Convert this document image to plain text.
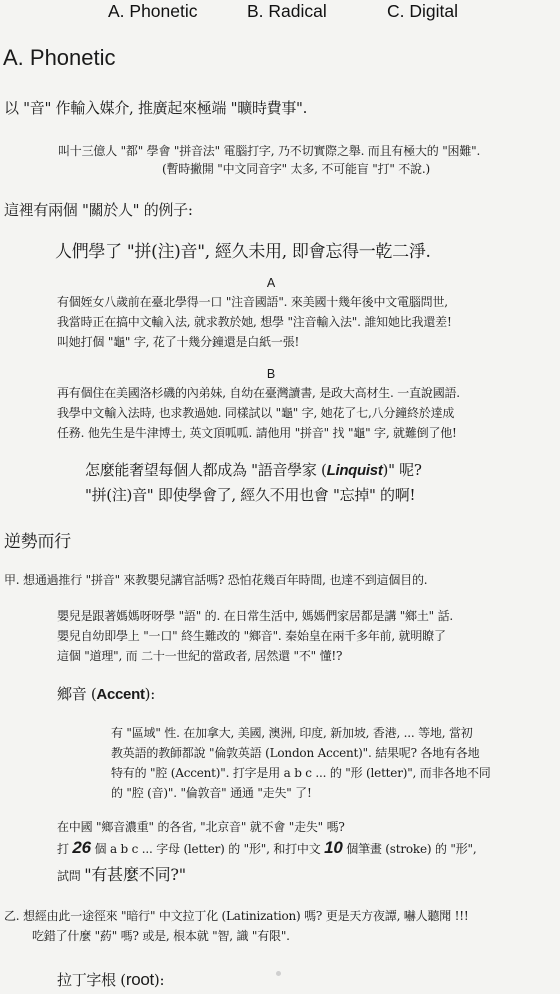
A. Phonetic	B. Radical	C. Digital
A. Phonetic

以 "音" 作輸入媒介, 推廣起來極端 "曠時費事".

叫十三億人 "都" 學會 "拼音法" 電腦打字, 乃不切實際之舉. 而且有極大的 "困難".

(暫時撇開 "中文同音字" 太多, 不可能盲 "打" 不說.)

這裡有兩個 "關於人" 的例子:

人們學了 "拼(注)音", 經久未用, 即會忘得一乾二淨.

A

有個姪女八歲前在臺北學得一口 "注音國語". 來美國十幾年後中文電腦問世,

我當時正在搞中文輸入法, 就求教於她, 想學 "注音輸入法". 誰知她比我還差!

叫她打個 "龜" 字, 花了十幾分鐘還是白紙一張!

B

再有個住在美國洛杉磯的內弟妹, 自幼在臺灣讀書, 是政大高材生. 一直說國語.

我學中文輸入法時, 也求教過她. 同樣試以 "龜" 字, 她花了七,八分鐘終於達成

任務. 他先生是牛津博士, 英文頂呱呱. 請他用 "拼音" 找 "龜" 字, 就難倒了他!

怎麼能奢望每個人都成為 "語音學家 (Linquist)" 呢?

"拼(注)音" 即使學會了, 經久不用也會 "忘掉" 的啊!

逆勢而行

甲. 想通過推行 "拼音" 來教嬰兒講官話嗎? 恐怕花幾百年時間, 也達不到這個目的.

嬰兒是跟著媽媽呀呀學 "語" 的. 在日常生活中, 媽媽們家居都是講 "鄉土" 話.

嬰兒自幼即學上 "一口" 終生難改的 "鄉音". 秦始皇在兩千多年前, 就明瞭了

這個 "道理", 而 二十一世紀的當政者, 居然還 "不" 懂!?

鄉音 (Accent):

有 "區域" 性. 在加拿大, 美國, 澳洲, 印度, 新加坡, 香港, ... 等地, 當初

教英語的教師都說 "倫敦英語 (London Accent)". 結果呢? 各地有各地

特有的 "腔 (Accent)". 打字是用 a b c ... 的 "形 (letter)", 而非各地不同

的 "腔 (音)". "倫敦音" 通通 "走失" 了!

在中國 "鄉音濃重" 的各省, "北京音" 就不會 "走失" 嗎?

打 26 個 a b c ... 字母 (letter) 的 "形", 和打中文 10 個筆畫 (stroke) 的 "形",

試問 "有甚麼不同?"

乙. 想經由此一途徑來 "暗行" 中文拉丁化 (Latinization) 嗎? 更是天方夜譚, 嚇人聽聞 !!!

吃錯了什麼 "葯" 嗎? 或是, 根本就 "智, 識 "有限".

拉丁字根 (root):
